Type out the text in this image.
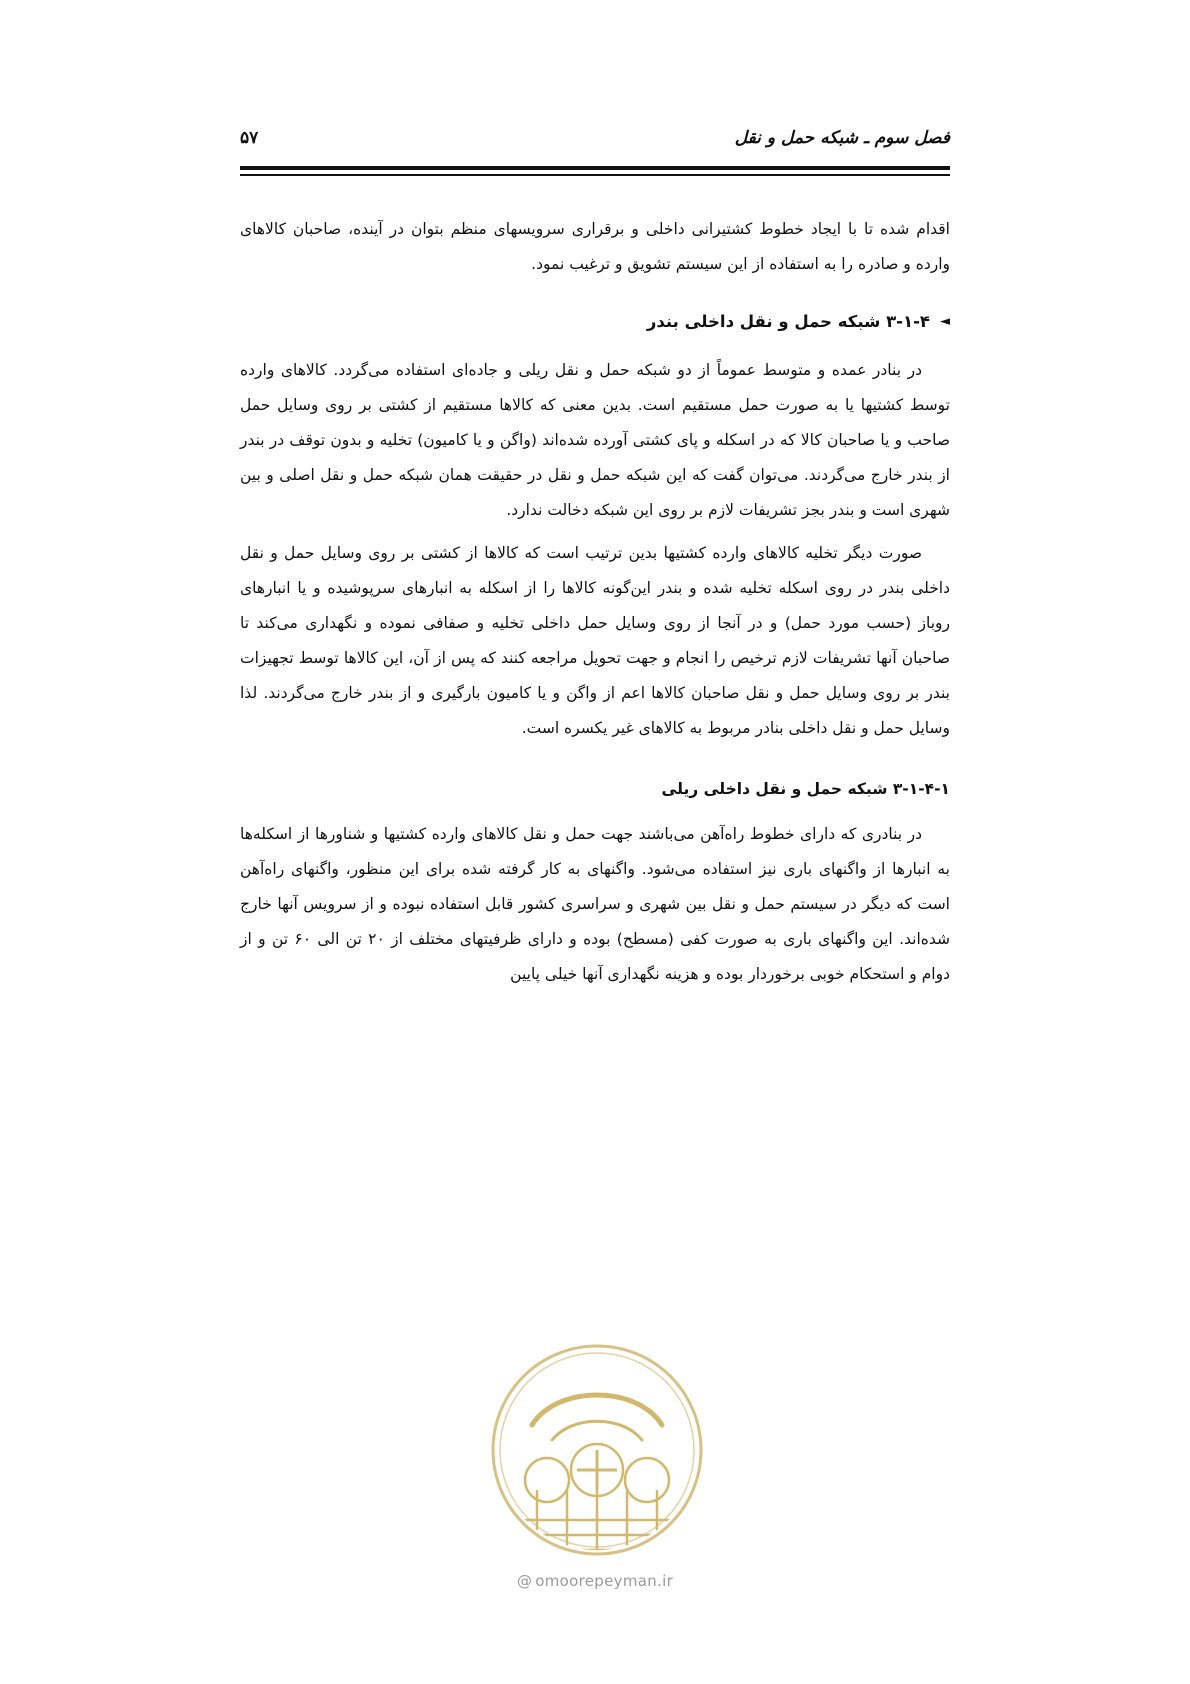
فصل سوم ـ شبکه حمل و نقل
۵۷

اقدام شده تا با ایجاد خطوط کشتیرانی داخلی و برقراری سرویسهای منظم بتوان در آینده، صاحبان کالاهای وارده و صادره را به استفاده از این سیستم تشویق و ترغیب نمود.

◄
۳-۱-۴ شبکه حمل و نقل داخلی بندر

در بنادر عمده و متوسط عموماً از دو شبکه حمل و نقل ریلی و جاده‌ای استفاده می‌گردد. کالاهای وارده توسط کشتیها یا به صورت حمل مستقیم است. بدین معنی که کالاها مستقیم از کشتی بر روی وسایل حمل صاحب و یا صاحبان کالا که در اسکله و پای کشتی آورده شده‌اند (واگن و یا کامیون) تخلیه و بدون توقف در بندر از بندر خارج می‌گردند. می‌توان گفت که این شبکه حمل و نقل در حقیقت همان شبکه حمل و نقل اصلی و بین شهری است و بندر بجز تشریفات لازم بر روی این شبکه دخالت ندارد.

صورت دیگر تخلیه کالاهای وارده کشتیها بدین ترتیب است که کالاها از کشتی بر روی وسایل حمل و نقل داخلی بندر در روی اسکله تخلیه شده و بندر این‌گونه کالاها را از اسکله به انبارهای سرپوشیده و یا انبارهای روباز (حسب مورد حمل) و در آنجا از روی وسایل حمل داخلی تخلیه و صفافی نموده و نگهداری می‌کند تا صاحبان آنها تشریفات لازم ترخیص را انجام و جهت تحویل مراجعه کنند که پس از آن، این کالاها توسط تجهیزات بندر بر روی وسایل حمل و نقل صاحبان کالاها اعم از واگن و یا کامیون بارگیری و از بندر خارج می‌گردند. لذا وسایل حمل و نقل داخلی بنادر مربوط به کالاهای غیر یکسره است.

۳-۱-۴-۱ شبکه حمل و نقل داخلی ریلی

در بنادری که دارای خطوط راه‌آهن می‌باشند جهت حمل و نقل کالاهای وارده کشتیها و شناورها از اسکله‌ها به انبارها از واگنهای باری نیز استفاده می‌شود. واگنهای به کار گرفته شده برای این منظور، واگنهای راه‌آهن است که دیگر در سیستم حمل و نقل بین شهری و سراسری کشور قابل استفاده نبوده و از سرویس آنها خارج شده‌اند. این واگنهای باری به صورت کفی (مسطح) بوده و دارای ظرفیتهای مختلف از ۲۰ تن الی ۶۰ تن و از دوام و استحکام خوبی برخوردار بوده و هزینه نگهداری آنها خیلی پایین

@ omoorepeyman.ir
